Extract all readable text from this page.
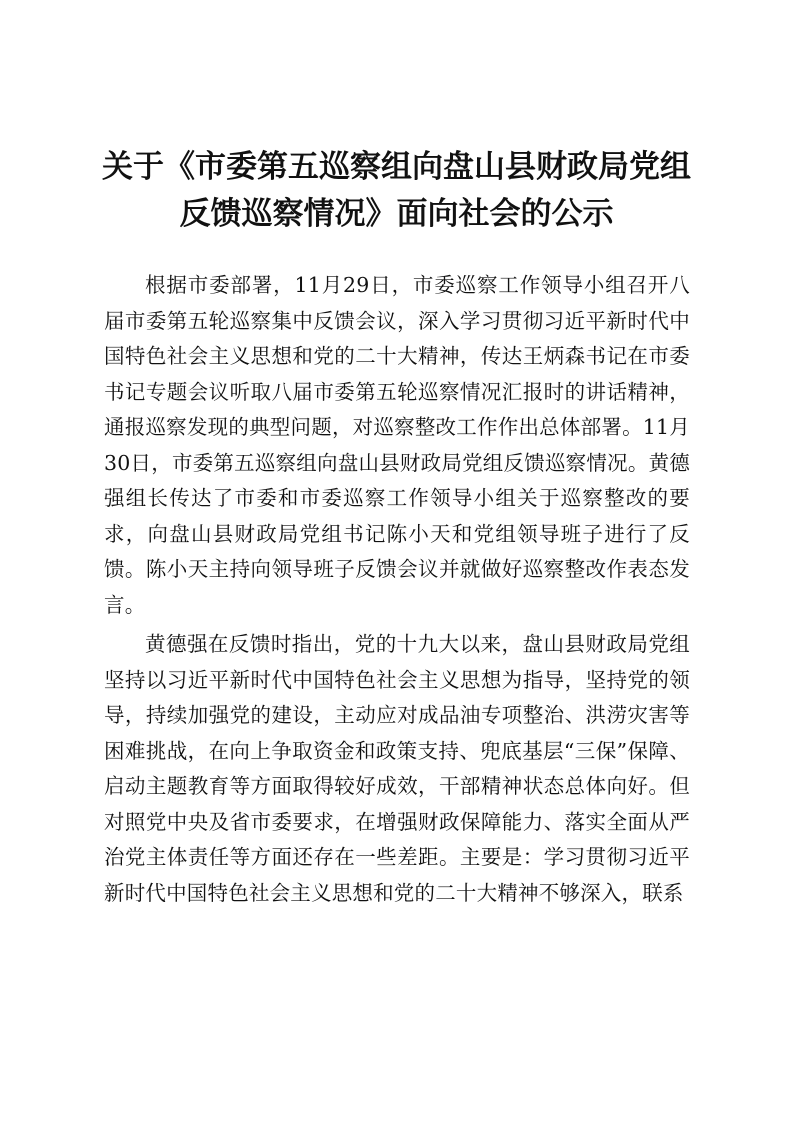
关于《市委第五巡察组向盘山县财政局党组
反馈巡察情况》面向社会的公示

根据市委部署，11月29日，市委巡察工作领导小组召开八届市委第五轮巡察集中反馈会议，深入学习贯彻习近平新时代中国特色社会主义思想和党的二十大精神，传达王炳森书记在市委书记专题会议听取八届市委第五轮巡察情况汇报时的讲话精神，通报巡察发现的典型问题，对巡察整改工作作出总体部署。11月30日，市委第五巡察组向盘山县财政局党组反馈巡察情况。黄德强组长传达了市委和市委巡察工作领导小组关于巡察整改的要求，向盘山县财政局党组书记陈小天和党组领导班子进行了反馈。陈小天主持向领导班子反馈会议并就做好巡察整改作表态发言。

黄德强在反馈时指出，党的十九大以来，盘山县财政局党组坚持以习近平新时代中国特色社会主义思想为指导，坚持党的领导，持续加强党的建设，主动应对成品油专项整治、洪涝灾害等困难挑战，在向上争取资金和政策支持、兜底基层“三保”保障、启动主题教育等方面取得较好成效，干部精神状态总体向好。但对照党中央及省市委要求，在增强财政保障能力、落实全面从严治党主体责任等方面还存在一些差距。主要是：学习贯彻习近平新时代中国特色社会主义思想和党的二十大精神不够深入，联系
